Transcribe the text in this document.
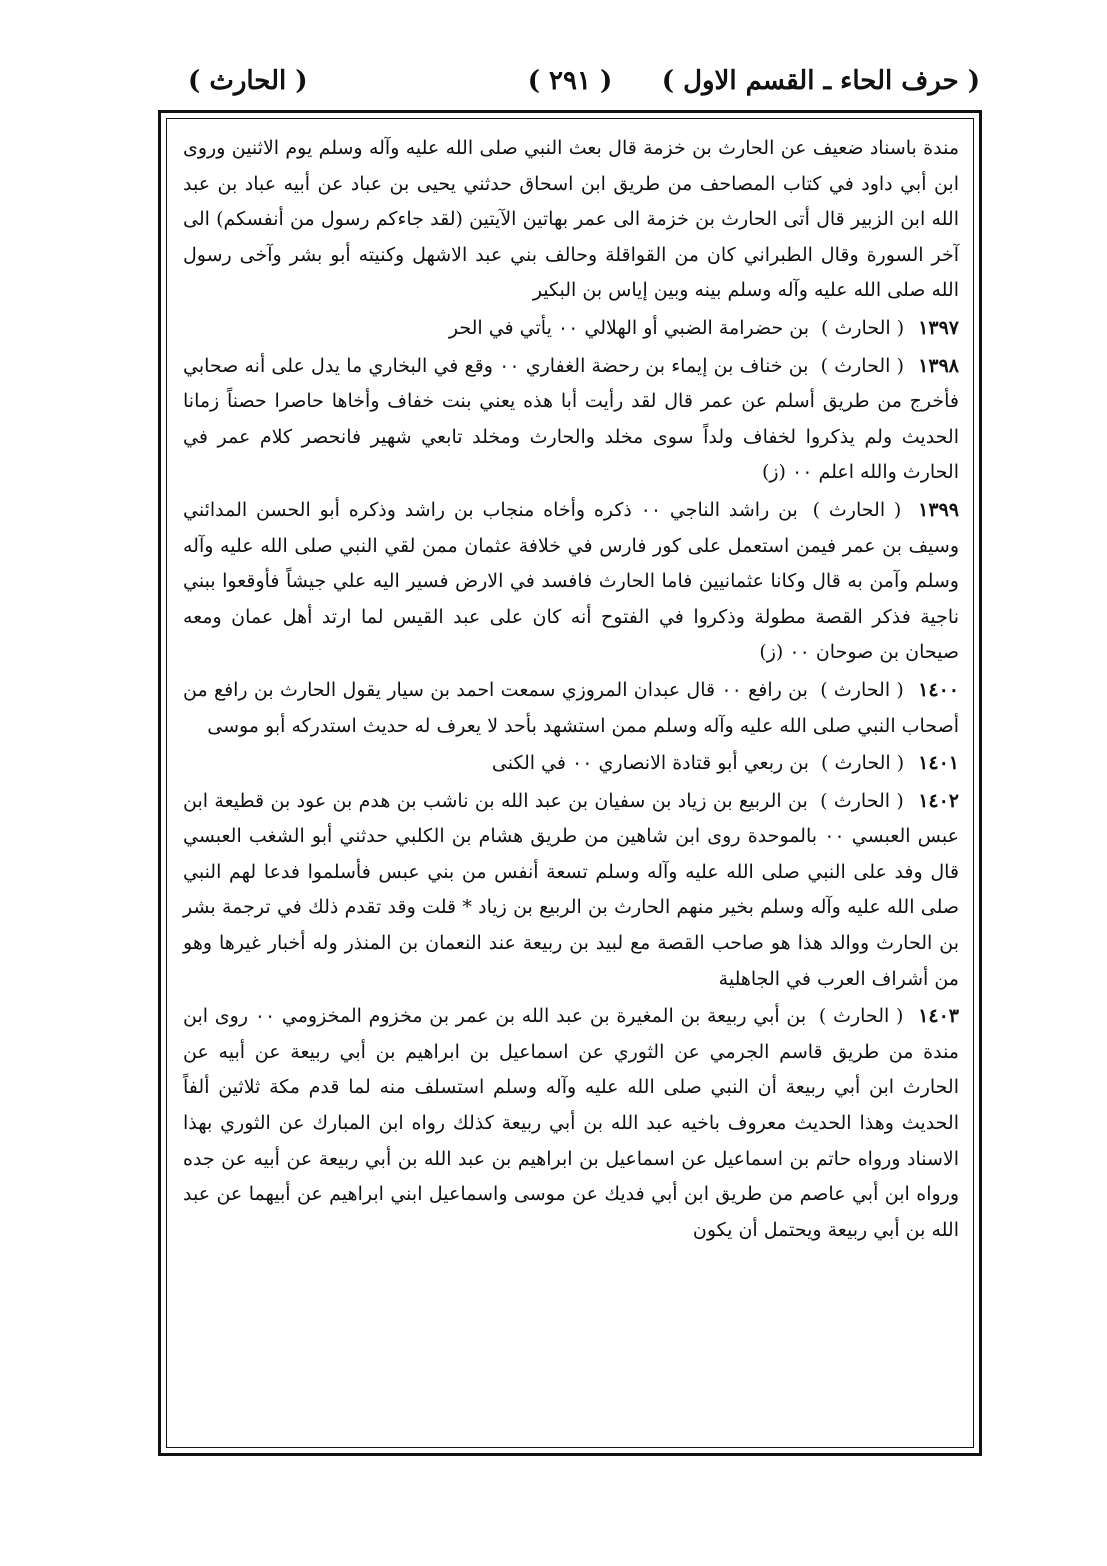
( حرف الحاء ـ القسم الاول )
( ٢٩١ )
( الحارث )

مندة باسناد ضعيف عن الحارث بن خزمة قال بعث النبي صلى الله عليه وآله وسلم يوم الاثنين وروى ابن أبي داود في كتاب المصاحف من طريق ابن اسحاق حدثني يحيى بن عباد عن أبيه عباد بن عبد الله ابن الزبير قال أتى الحارث بن خزمة الى عمر بهاتين الآيتين (لقد جاءكم رسول من أنفسكم) الى آخر السورة وقال الطبراني كان من القواقلة وحالف بني عبد الاشهل وكنيته أبو بشر وآخى رسول الله صلى الله عليه وآله وسلم بينه وبين إياس بن البكير

١٣٩٧ ( الحارث ) بن حضرامة الضبي أو الهلالي ٠٠ يأتي في الحر

١٣٩٨ ( الحارث ) بن خناف بن إيماء بن رحضة الغفاري ٠٠ وقع في البخاري ما يدل على أنه صحابي فأخرج من طريق أسلم عن عمر قال لقد رأيت أبا هذه يعني بنت خفاف وأخاها حاصرا حصناً زمانا الحديث ولم يذكروا لخفاف ولداً سوى مخلد والحارث ومخلد تابعي شهير فانحصر كلام عمر في الحارث والله اعلم ٠٠ (ز)

١٣٩٩ ( الحارث ) بن راشد الناجي ٠٠ ذكره وأخاه منجاب بن راشد وذكره أبو الحسن المدائني وسيف بن عمر فيمن استعمل على كور فارس في خلافة عثمان ممن لقي النبي صلى الله عليه وآله وسلم وآمن به قال وكانا عثمانيين فاما الحارث فافسد في الارض فسير اليه علي جيشاً فأوقعوا ببني ناجية فذكر القصة مطولة وذكروا في الفتوح أنه كان على عبد القيس لما ارتد أهل عمان ومعه صيحان بن صوحان ٠٠ (ز)

١٤٠٠ ( الحارث ) بن رافع ٠٠ قال عبدان المروزي سمعت احمد بن سيار يقول الحارث بن رافع من أصحاب النبي صلى الله عليه وآله وسلم ممن استشهد بأحد لا يعرف له حديث استدركه أبو موسى

١٤٠١ ( الحارث ) بن ربعي أبو قتادة الانصاري ٠٠ في الكنى

١٤٠٢ ( الحارث ) بن الربيع بن زياد بن سفيان بن عبد الله بن ناشب بن هدم بن عود بن قطيعة ابن عبس العبسي ٠٠ بالموحدة روى ابن شاهين من طريق هشام بن الكلبي حدثني أبو الشغب العبسي قال وفد على النبي صلى الله عليه وآله وسلم تسعة أنفس من بني عبس فأسلموا فدعا لهم النبي صلى الله عليه وآله وسلم بخير منهم الحارث بن الربيع بن زياد * قلت وقد تقدم ذلك في ترجمة بشر بن الحارث ووالد هذا هو صاحب القصة مع لبيد بن ربيعة عند النعمان بن المنذر وله أخبار غيرها وهو من أشراف العرب في الجاهلية

١٤٠٣ ( الحارث ) بن أبي ربيعة بن المغيرة بن عبد الله بن عمر بن مخزوم المخزومي ٠٠ روى ابن مندة من طريق قاسم الجرمي عن الثوري عن اسماعيل بن ابراهيم بن أبي ربيعة عن أبيه عن الحارث ابن أبي ربيعة أن النبي صلى الله عليه وآله وسلم استسلف منه لما قدم مكة ثلاثين ألفاً الحديث وهذا الحديث معروف باخيه عبد الله بن أبي ربيعة كذلك رواه ابن المبارك عن الثوري بهذا الاسناد ورواه حاتم بن اسماعيل عن اسماعيل بن ابراهيم بن عبد الله بن أبي ربيعة عن أبيه عن جده ورواه ابن أبي عاصم من طريق ابن أبي فديك عن موسى واسماعيل ابني ابراهيم عن أبيهما عن عبد الله بن أبي ربيعة ويحتمل أن يكون
